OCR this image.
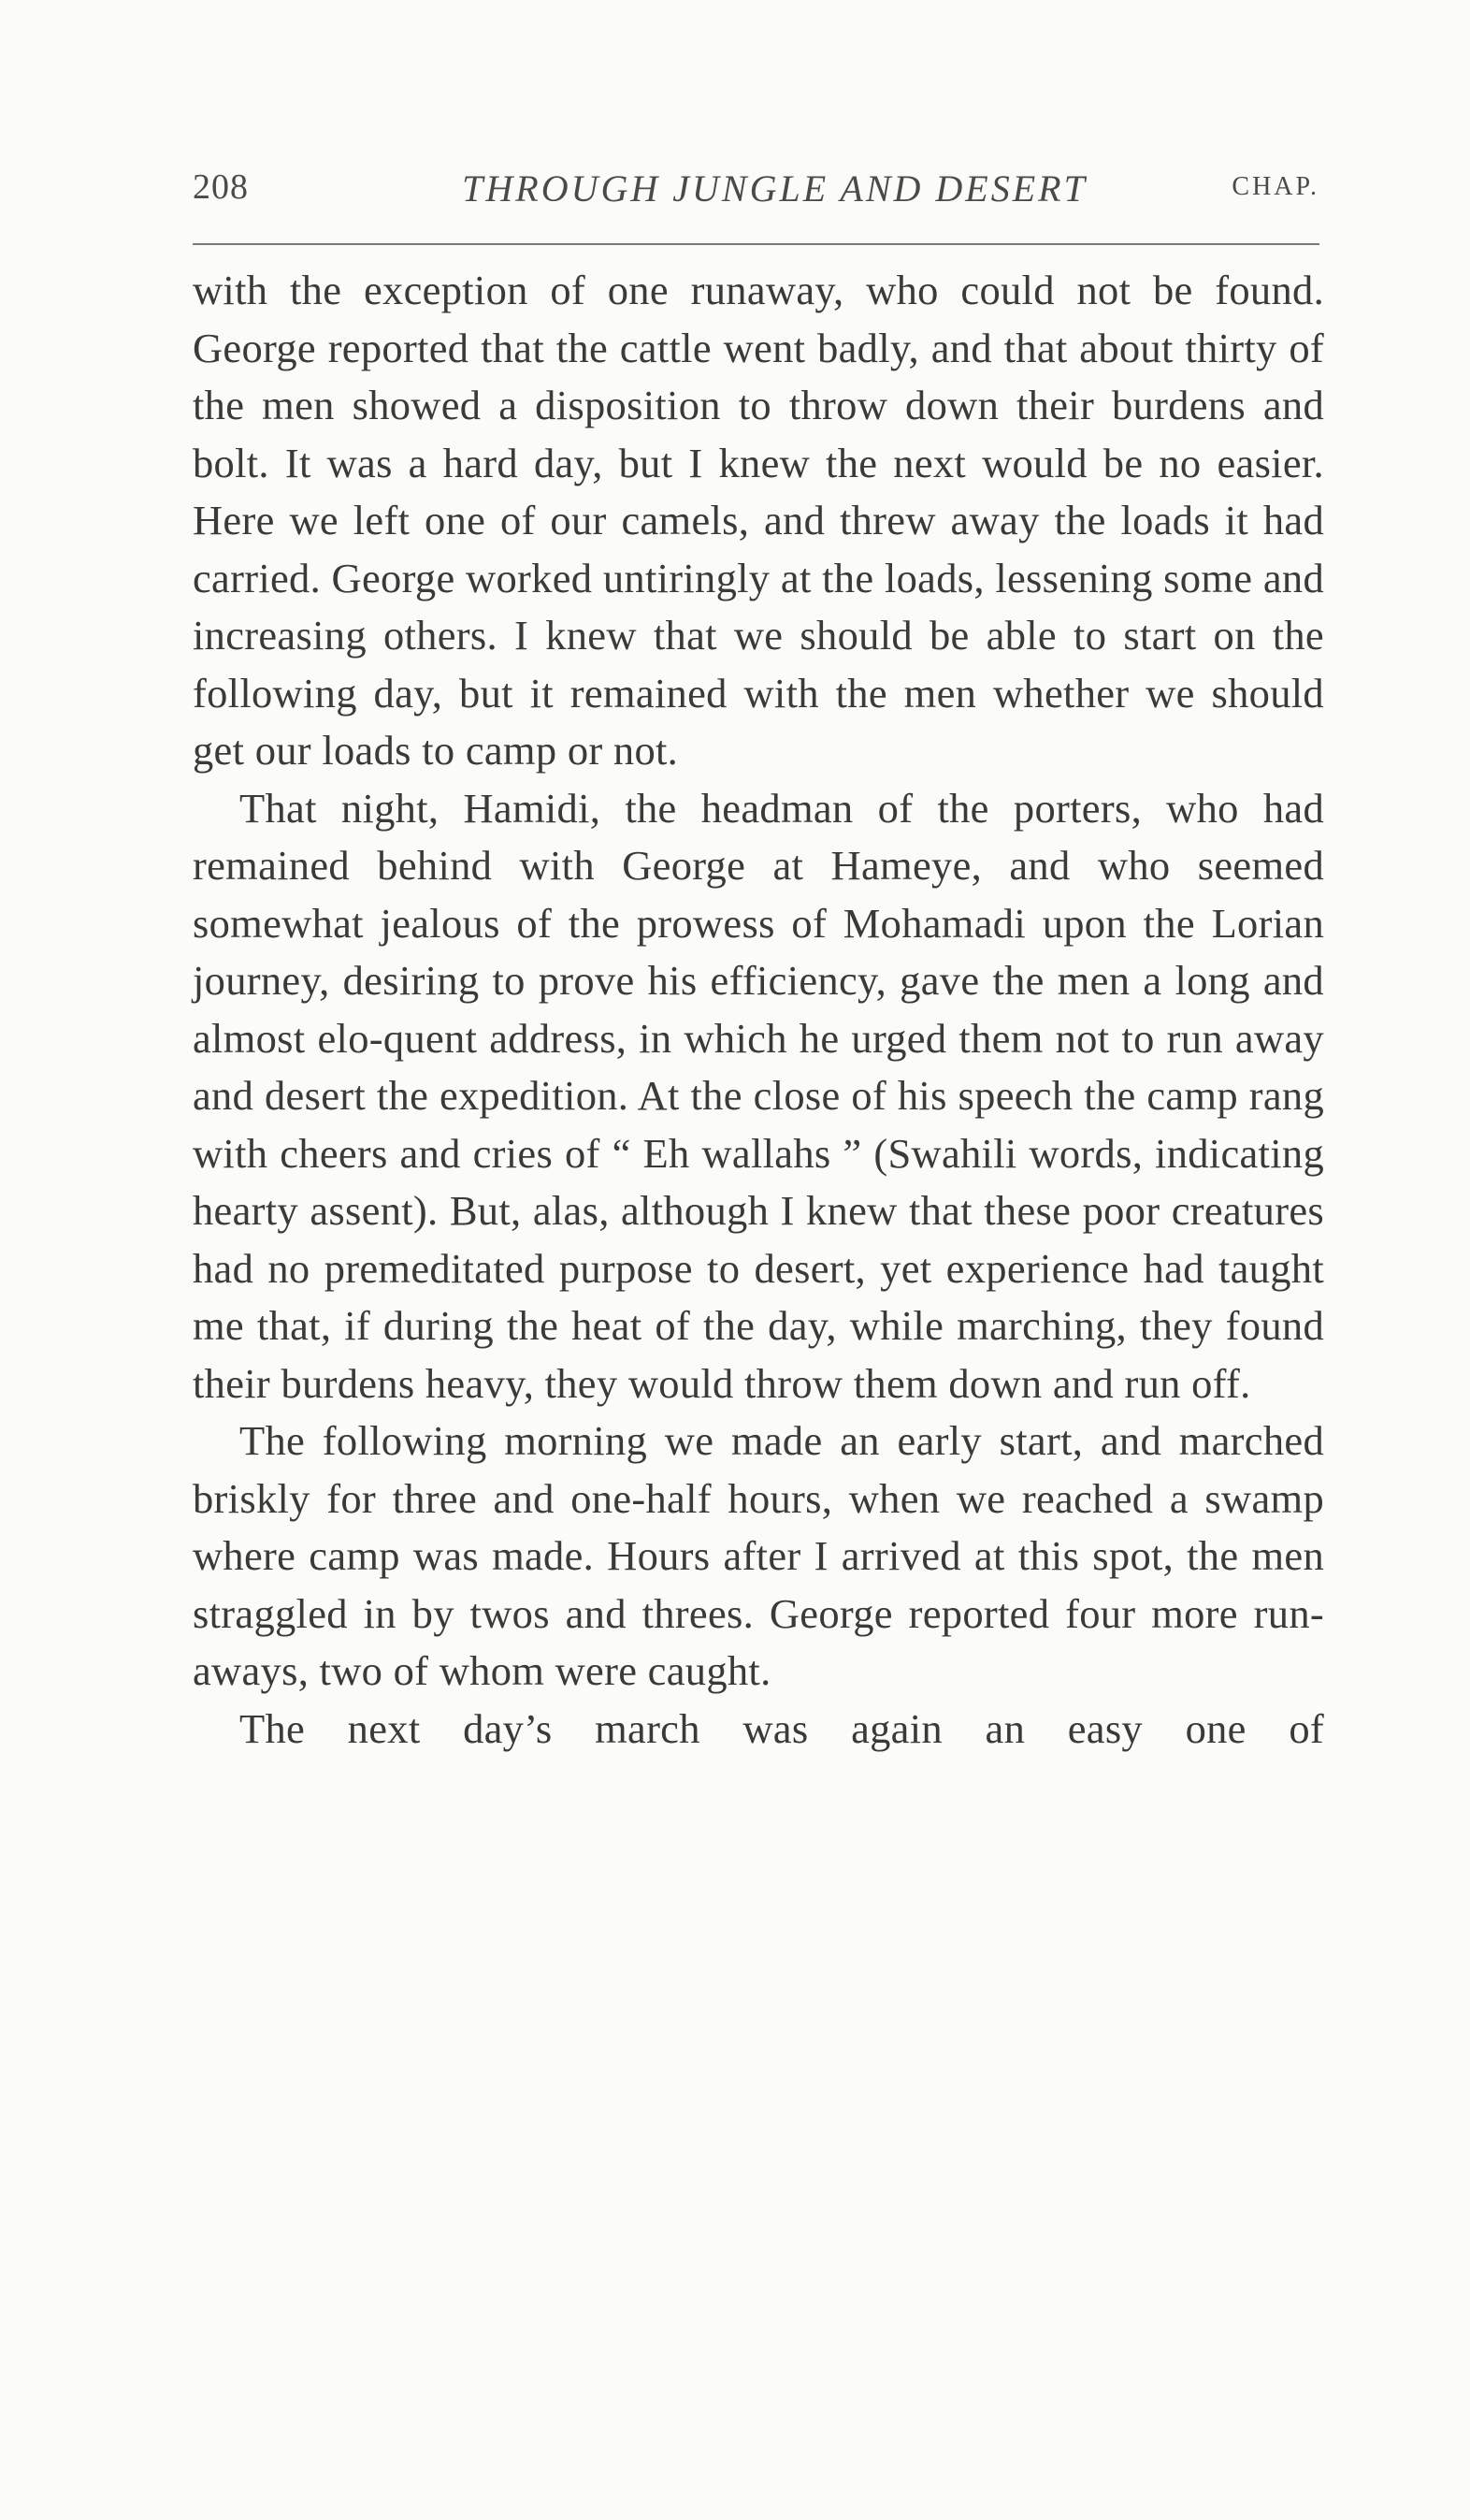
208	THROUGH JUNGLE AND DESERT	CHAP.

with the exception of one runaway, who could not be found. George reported that the cattle went badly, and that about thirty of the men showed a disposition to throw down their burdens and bolt. It was a hard day, but I knew the next would be no easier. Here we left one of our camels, and threw away the loads it had carried. George worked untiringly at the loads, lessening some and increasing others. I knew that we should be able to start on the following day, but it remained with the men whether we should get our loads to camp or not.

That night, Hamidi, the headman of the porters, who had remained behind with George at Hameye, and who seemed somewhat jealous of the prowess of Mohamadi upon the Lorian journey, desiring to prove his efficiency, gave the men a long and almost elo-quent address, in which he urged them not to run away and desert the expedition. At the close of his speech the camp rang with cheers and cries of “ Eh wallahs ” (Swahili words, indicating hearty assent). But, alas, although I knew that these poor creatures had no premeditated purpose to desert, yet experience had taught me that, if during the heat of the day, while marching, they found their burdens heavy, they would throw them down and run off.

The following morning we made an early start, and marched briskly for three and one-half hours, when we reached a swamp where camp was made. Hours after I arrived at this spot, the men straggled in by twos and threes. George reported four more run-aways, two of whom were caught.

The next day’s march was again an easy one of
